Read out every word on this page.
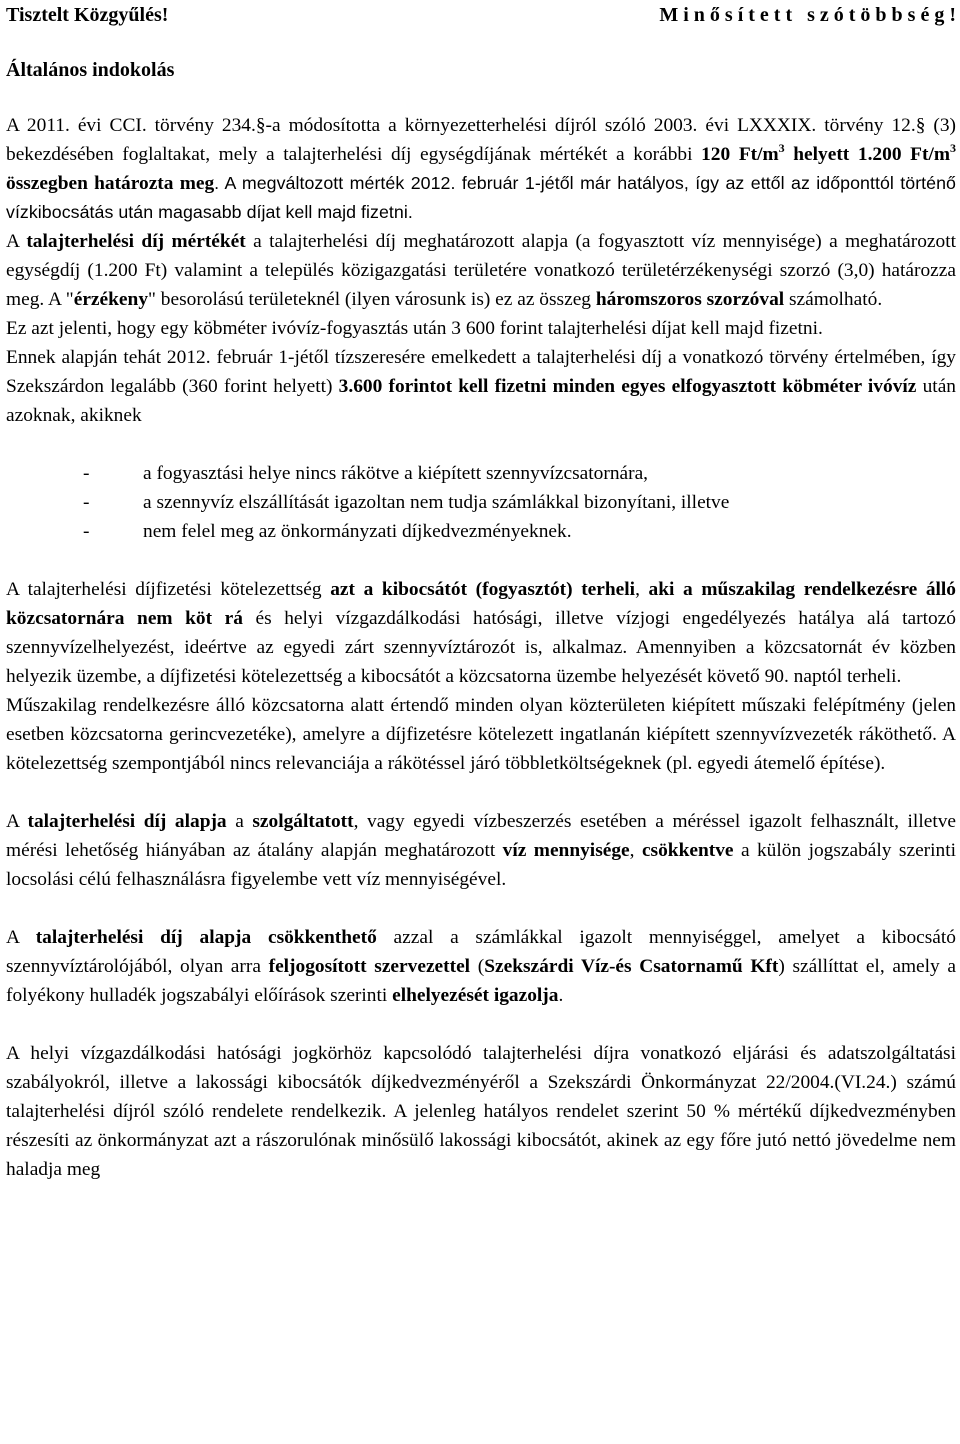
Tisztelt Közgyűlés!	M i n ő s í t e t t   s z ó t ö b b s é g !
Általános indokolás

A 2011. évi CCI. törvény 234.§-a módosította a környezetterhelési díjról szóló 2003. évi LXXXIX. törvény 12.§ (3) bekezdésében foglaltakat, mely a talajterhelési díj egységdíjának mértékét a korábbi 120 $Ft/m^3$ helyett 1.200 $Ft/m^3$ összegben határozta meg. A megváltozott mérték 2012. február 1-jétől már hatályos, így az ettől az időponttól történő vízkibocsátás után magasabb díjat kell majd fizetni.

A talajterhelési díj mértékét a talajterhelési díj meghatározott alapja (a fogyasztott víz mennyisége) a meghatározott egységdíj (1.200 Ft) valamint a település közigazgatási területére vonatkozó területérzékenységi szorzó (3,0) határozza meg. A "érzékeny" besorolású területeknél (ilyen városunk is) ez az összeg háromszoros szorzóval számolható.

Ez azt jelenti, hogy egy köbméter ivóvíz-fogyasztás után 3 600 forint talajterhelési díjat kell majd fizetni.

Ennek alapján tehát 2012. február 1-jétől tízszeresére emelkedett a talajterhelési díj a vonatkozó törvény értelmében, így Szekszárdon legalább (360 forint helyett) 3.600 forintot kell fizetni minden egyes elfogyasztott köbméter ivóvíz után azoknak, akiknek

-	a fogyasztási helye nincs rákötve a kiépített szennyvízcsatornára,
-	a szennyvíz elszállítását igazoltan nem tudja számlákkal bizonyítani, illetve
-	nem felel meg az önkormányzati díjkedvezményeknek.

A talajterhelési díjfizetési kötelezettség azt a kibocsátót (fogyasztót) terheli, aki a műszakilag rendelkezésre álló közcsatornára nem köt rá és helyi vízgazdálkodási hatósági, illetve vízjogi engedélyezés hatálya alá tartozó szennyvízelhelyezést, ideértve az egyedi zárt szennyvíztározót is, alkalmaz. Amennyiben a közcsatornát év közben helyezik üzembe, a díjfizetési kötelezettség a kibocsátót a közcsatorna üzembe helyezését követő 90. naptól terheli.

Műszakilag rendelkezésre álló közcsatorna alatt értendő minden olyan közterületen kiépített műszaki felépítmény (jelen esetben közcsatorna gerincvezetéke), amelyre a díjfizetésre kötelezett ingatlanán kiépített szennyvízvezeték ráköthető. A kötelezettség szempontjából nincs relevanciája a rákötéssel járó többletköltségeknek (pl. egyedi átemelő építése).

A talajterhelési díj alapja a szolgáltatott, vagy egyedi vízbeszerzés esetében a méréssel igazolt felhasznált, illetve mérési lehetőség hiányában az átalány alapján meghatározott víz mennyisége, csökkentve a külön jogszabály szerinti locsolási célú felhasználásra figyelembe vett víz mennyiségével.

A talajterhelési díj alapja csökkenthető azzal a számlákkal igazolt mennyiséggel, amelyet a kibocsátó szennyvíztárolójából, olyan arra feljogosított szervezettel (Szekszárdi Víz-és Csatornamű Kft) szállíttat el, amely a folyékony hulladék jogszabályi előírások szerinti elhelyezését igazolja.

A helyi vízgazdálkodási hatósági jogkörhöz kapcsolódó talajterhelési díjra vonatkozó eljárási és adatszolgáltatási szabályokról, illetve a lakossági kibocsátók díjkedvezményéről a Szekszárdi Önkormányzat 22/2004.(VI.24.) számú talajterhelési díjról szóló rendelete rendelkezik. A jelenleg hatályos rendelet szerint 50 % mértékű díjkedvezményben részesíti az önkormányzat azt a rászorulónak minősülő lakossági kibocsátót, akinek az egy főre jutó nettó jövedelme nem haladja meg
